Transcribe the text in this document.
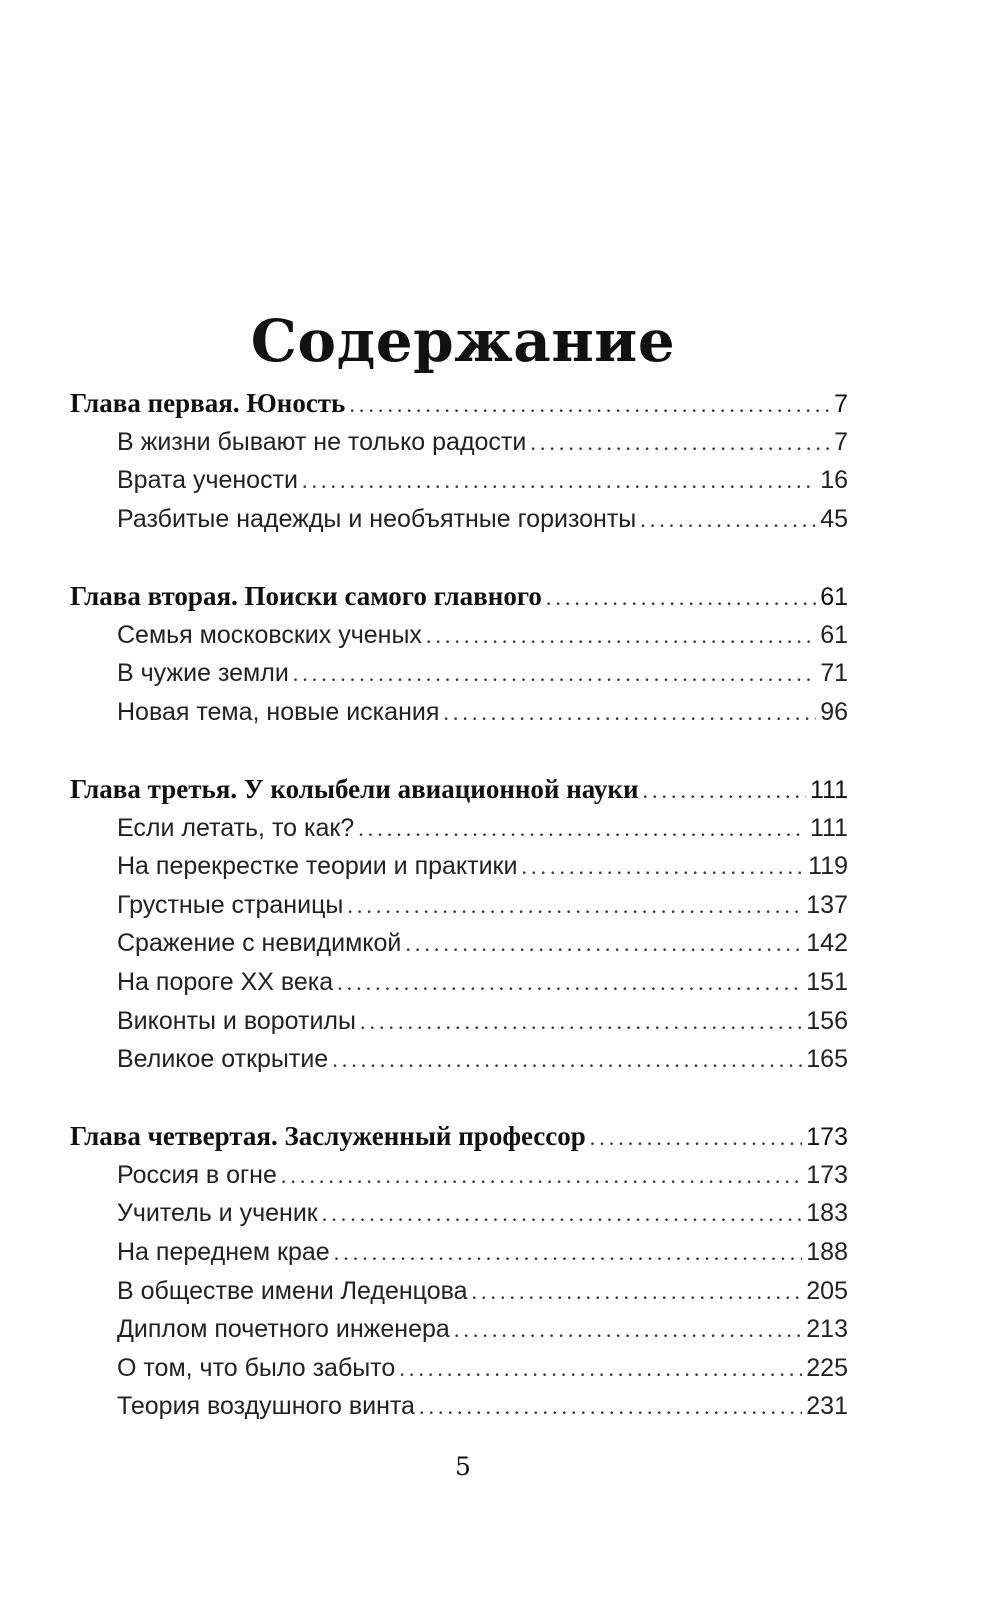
Содержание
Глава первая. Юность .....	7
В жизни бывают не только радости .....	7
Врата учености .....	16
Разбитые надежды и необъятные горизонты .....	45
Глава вторая. Поиски самого главного .....	61
Семья московских ученых .....	61
В чужие земли .....	71
Новая тема, новые искания .....	96
Глава третья. У колыбели авиационной науки .....	111
Если летать, то как? .....	111
На перекрестке теории и практики .....	119
Грустные страницы .....	137
Сражение с невидимкой .....	142
На пороге XX века .....	151
Виконты и воротилы .....	156
Великое открытие .....	165
Глава четвертая. Заслуженный профессор .....	173
Россия в огне .....	173
Учитель и ученик .....	183
На переднем крае .....	188
В обществе имени Леденцова .....	205
Диплом почетного инженера .....	213
О том, что было забыто .....	225
Теория воздушного винта .....	231
5
